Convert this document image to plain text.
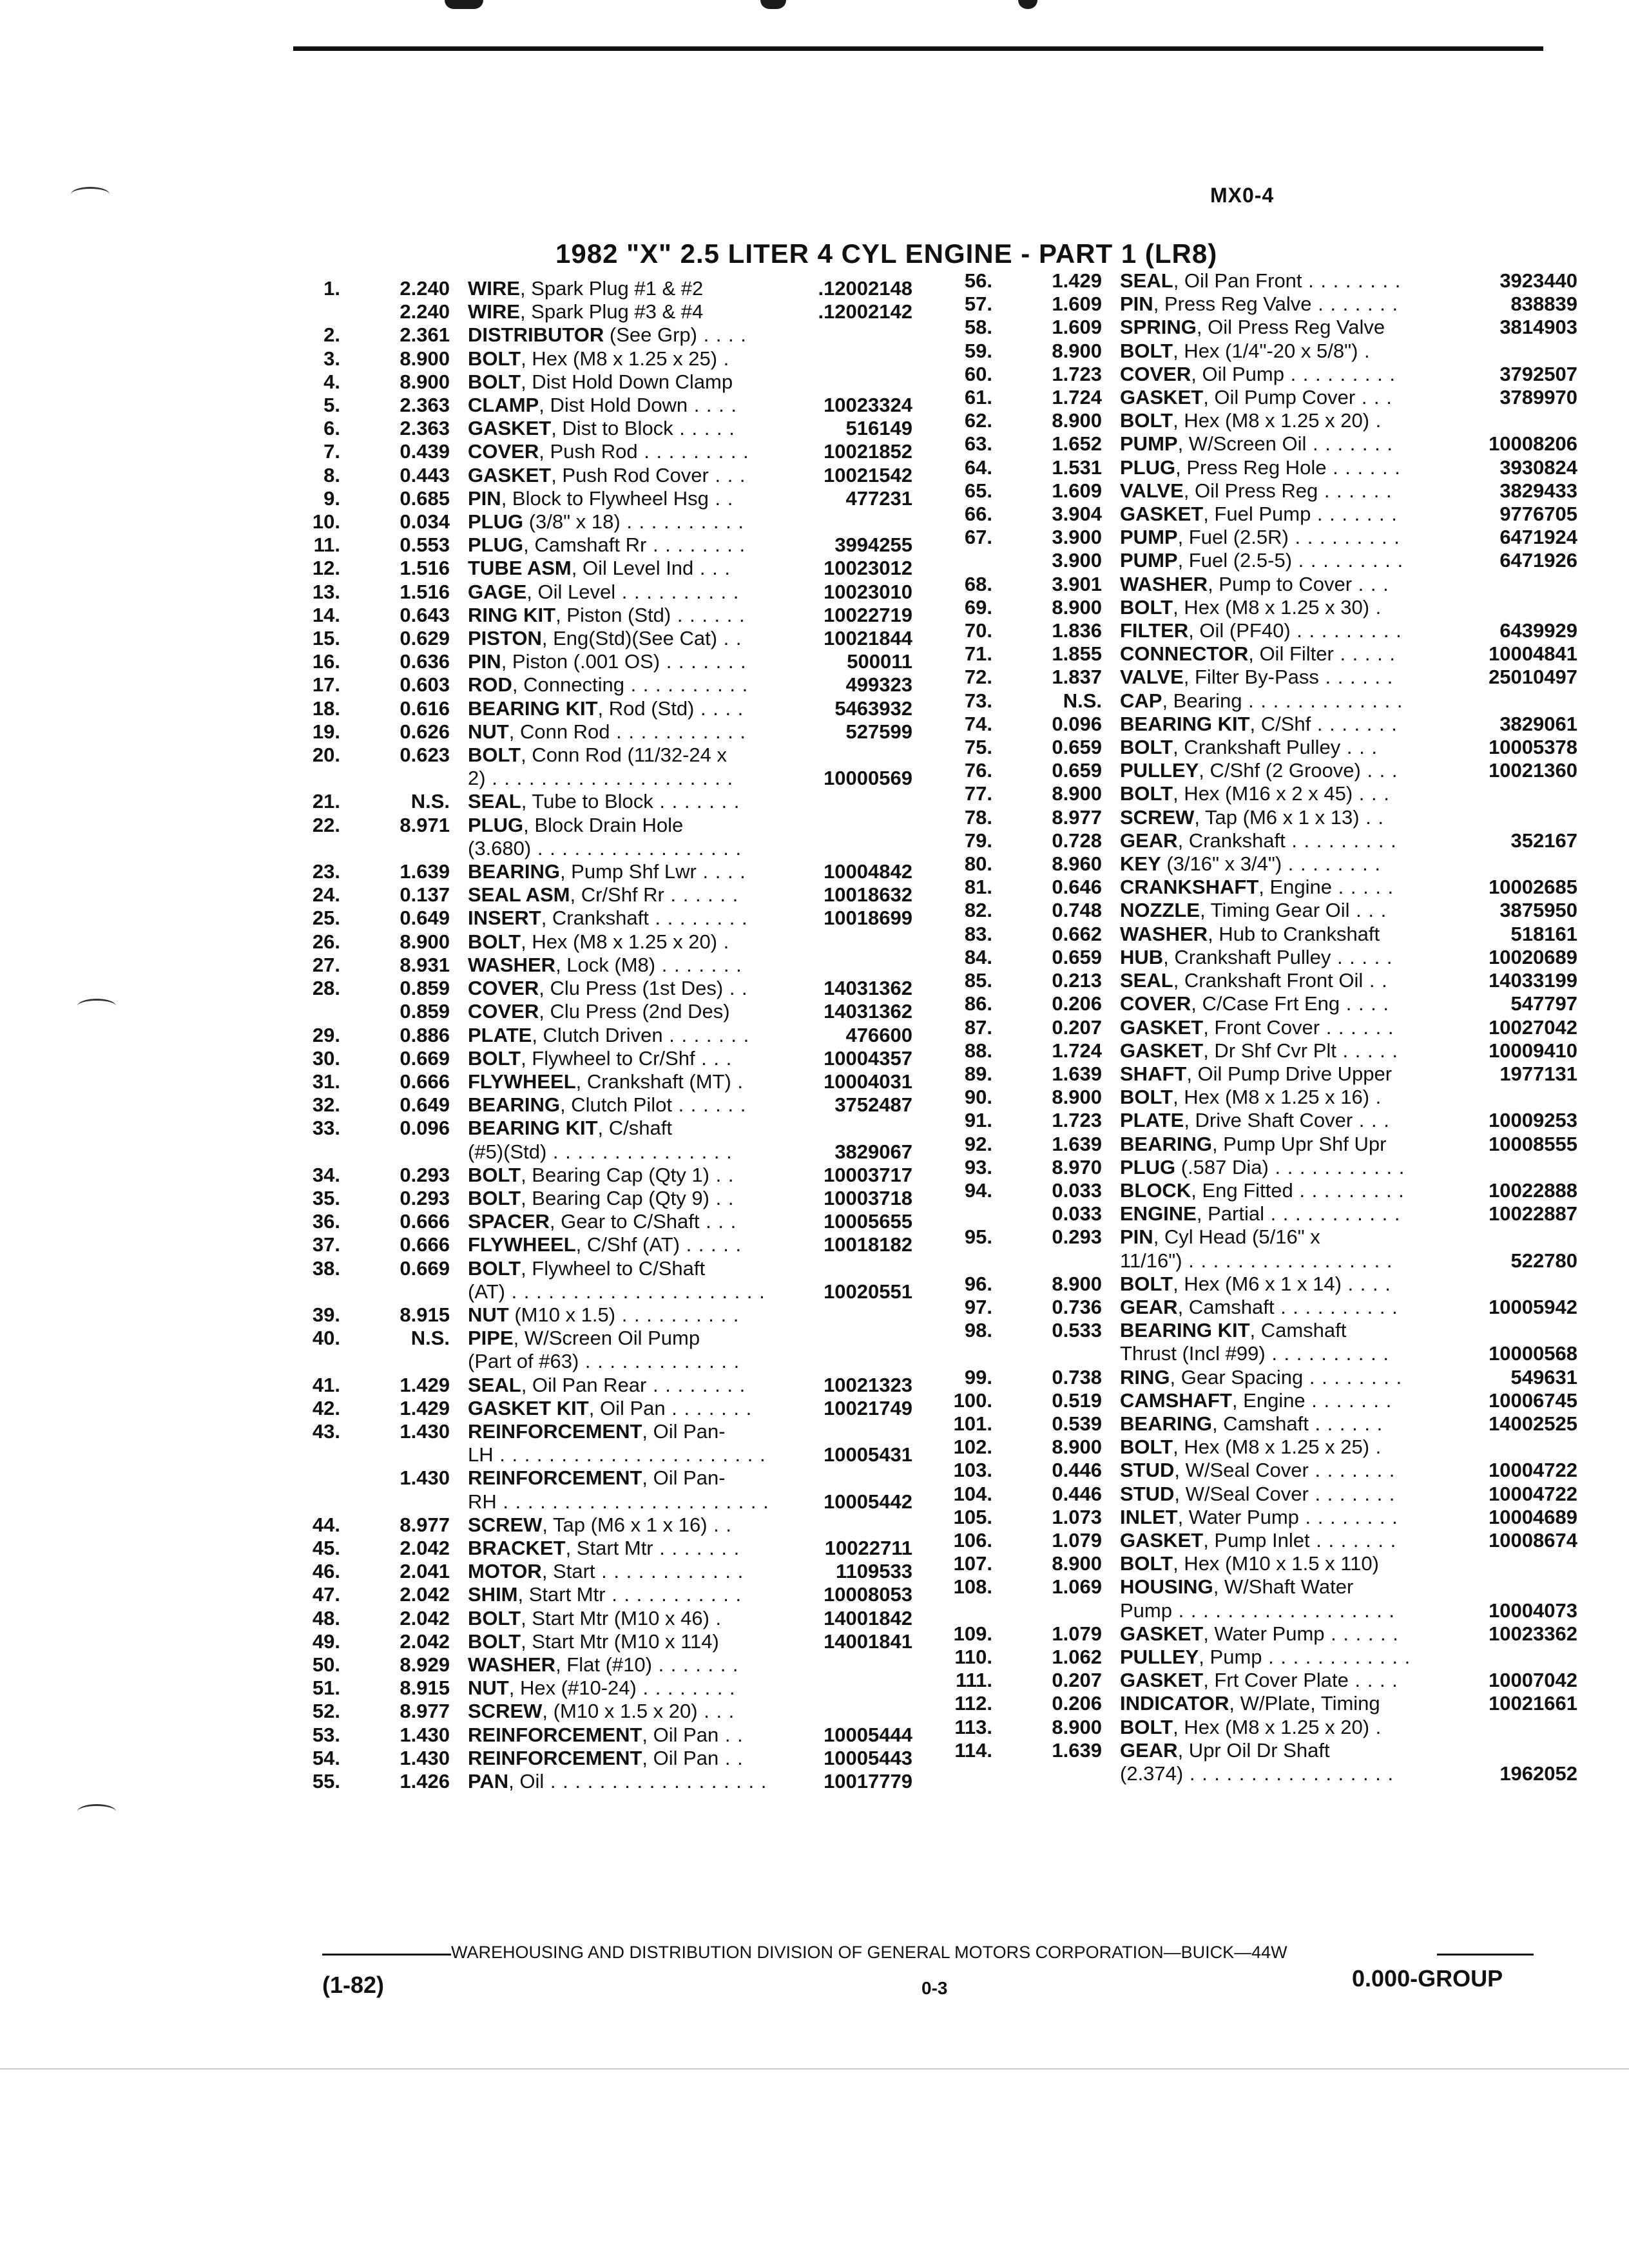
MX0-4
1982 "X" 2.5 LITER 4 CYL ENGINE - PART 1 (LR8)
1.	2.240 WIRE, Spark Plug #1 & #2	.12002148
2.240 WIRE, Spark Plug #3 & #4	.12002142
2.	2.361 DISTRIBUTOR (See Grp) . . . .
3.	8.900 BOLT, Hex (M8 x 1.25 x 25) .
4.	8.900 BOLT, Dist Hold Down Clamp
5.	2.363 CLAMP, Dist Hold Down . . . .	10023324
6.	2.363 GASKET, Dist to Block . . . . .	516149
7.	0.439 COVER, Push Rod . . . . . . . . .	10021852
8.	0.443 GASKET, Push Rod Cover . . .	10021542
9.	0.685 PIN, Block to Flywheel Hsg . .	477231
10.	0.034 PLUG (3/8" x 18) . . . . . . . . . .
11.	0.553 PLUG, Camshaft Rr . . . . . . . .	3994255
12.	1.516 TUBE ASM, Oil Level Ind . . .	10023012
13.	1.516 GAGE, Oil Level . . . . . . . . . .	10023010
14.	0.643 RING KIT, Piston (Std) . . . . . .	10022719
15.	0.629 PISTON, Eng(Std)(See Cat) . .	10021844
16.	0.636 PIN, Piston (.001 OS) . . . . . . .	500011
17.	0.603 ROD, Connecting . . . . . . . . . .	499323
18.	0.616 BEARING KIT, Rod (Std) . . . .	5463932
19.	0.626 NUT, Conn Rod . . . . . . . . . . .	527599
20.	0.623 BOLT, Conn Rod (11/32-24 x
2) . . . . . . . . . . . . . . . . . . . .	10000569
21.	N.S. SEAL, Tube to Block . . . . . . .
22.	8.971 PLUG, Block Drain Hole
(3.680) . . . . . . . . . . . . . . . . .
23.	1.639 BEARING, Pump Shf Lwr . . . .	10004842
24.	0.137 SEAL ASM, Cr/Shf Rr . . . . . .	10018632
25.	0.649 INSERT, Crankshaft . . . . . . . .	10018699
26.	8.900 BOLT, Hex (M8 x 1.25 x 20) .
27.	8.931 WASHER, Lock (M8) . . . . . . .
28.	0.859 COVER, Clu Press (1st Des) . .	14031362
0.859 COVER, Clu Press (2nd Des)	14031362
29.	0.886 PLATE, Clutch Driven . . . . . . .	476600
30.	0.669 BOLT, Flywheel to Cr/Shf . . .	10004357
31.	0.666 FLYWHEEL, Crankshaft (MT) .	10004031
32.	0.649 BEARING, Clutch Pilot . . . . . .	3752487
33.	0.096 BEARING KIT, C/shaft
(#5)(Std) . . . . . . . . . . . . . . .	3829067
34.	0.293 BOLT, Bearing Cap (Qty 1) . .	10003717
35.	0.293 BOLT, Bearing Cap (Qty 9) . .	10003718
36.	0.666 SPACER, Gear to C/Shaft . . .	10005655
37.	0.666 FLYWHEEL, C/Shf (AT) . . . . .	10018182
38.	0.669 BOLT, Flywheel to C/Shaft
(AT) . . . . . . . . . . . . . . . . . . . . .	10020551
39.	8.915 NUT (M10 x 1.5) . . . . . . . . . .
40.	N.S. PIPE, W/Screen Oil Pump
(Part of #63) . . . . . . . . . . . . .
41.	1.429 SEAL, Oil Pan Rear . . . . . . . .	10021323
42.	1.429 GASKET KIT, Oil Pan . . . . . . .	10021749
43.	1.430 REINFORCEMENT, Oil Pan-
LH . . . . . . . . . . . . . . . . . . . . . .	10005431
1.430 REINFORCEMENT, Oil Pan-
RH . . . . . . . . . . . . . . . . . . . . . .	10005442
44.	8.977 SCREW, Tap (M6 x 1 x 16) . .
45.	2.042 BRACKET, Start Mtr . . . . . . .	10022711
46.	2.041 MOTOR, Start . . . . . . . . . . . .	1109533
47.	2.042 SHIM, Start Mtr . . . . . . . . . . .	10008053
48.	2.042 BOLT, Start Mtr (M10 x 46) .	14001842
49.	2.042 BOLT, Start Mtr (M10 x 114)	14001841
50.	8.929 WASHER, Flat (#10) . . . . . . .
51.	8.915 NUT, Hex (#10-24) . . . . . . . .
52.	8.977 SCREW, (M10 x 1.5 x 20) . . .
53.	1.430 REINFORCEMENT, Oil Pan . .	10005444
54.	1.430 REINFORCEMENT, Oil Pan . .	10005443
55.	1.426 PAN, Oil . . . . . . . . . . . . . . . . . .	10017779
56.	1.429 SEAL, Oil Pan Front . . . . . . . .	3923440
57.	1.609 PIN, Press Reg Valve . . . . . . .	838839
58.	1.609 SPRING, Oil Press Reg Valve	3814903
59.	8.900 BOLT, Hex (1/4"-20 x 5/8") .
60.	1.723 COVER, Oil Pump . . . . . . . . .	3792507
61.	1.724 GASKET, Oil Pump Cover . . .	3789970
62.	8.900 BOLT, Hex (M8 x 1.25 x 20) .
63.	1.652 PUMP, W/Screen Oil . . . . . . .	10008206
64.	1.531 PLUG, Press Reg Hole . . . . . .	3930824
65.	1.609 VALVE, Oil Press Reg . . . . . .	3829433
66.	3.904 GASKET, Fuel Pump . . . . . . .	9776705
67.	3.900 PUMP, Fuel (2.5R) . . . . . . . . .	6471924
3.900 PUMP, Fuel (2.5-5) . . . . . . . . .	6471926
68.	3.901 WASHER, Pump to Cover . . .
69.	8.900 BOLT, Hex (M8 x 1.25 x 30) .
70.	1.836 FILTER, Oil (PF40) . . . . . . . . .	6439929
71.	1.855 CONNECTOR, Oil Filter . . . . .	10004841
72.	1.837 VALVE, Filter By-Pass . . . . . .	25010497
73.	N.S. CAP, Bearing . . . . . . . . . . . . .
74.	0.096 BEARING KIT, C/Shf . . . . . . .	3829061
75.	0.659 BOLT, Crankshaft Pulley . . .	10005378
76.	0.659 PULLEY, C/Shf (2 Groove) . . .	10021360
77.	8.900 BOLT, Hex (M16 x 2 x 45) . . .
78.	8.977 SCREW, Tap (M6 x 1 x 13) . .
79.	0.728 GEAR, Crankshaft . . . . . . . . .	352167
80.	8.960 KEY (3/16" x 3/4") . . . . . . . .
81.	0.646 CRANKSHAFT, Engine . . . . .	10002685
82.	0.748 NOZZLE, Timing Gear Oil . . .	3875950
83.	0.662 WASHER, Hub to Crankshaft	518161
84.	0.659 HUB, Crankshaft Pulley . . . . .	10020689
85.	0.213 SEAL, Crankshaft Front Oil . .	14033199
86.	0.206 COVER, C/Case Frt Eng . . . .	547797
87.	0.207 GASKET, Front Cover . . . . . .	10027042
88.	1.724 GASKET, Dr Shf Cvr Plt . . . . .	10009410
89.	1.639 SHAFT, Oil Pump Drive Upper	1977131
90.	8.900 BOLT, Hex (M8 x 1.25 x 16) .
91.	1.723 PLATE, Drive Shaft Cover . . .	10009253
92.	1.639 BEARING, Pump Upr Shf Upr	10008555
93.	8.970 PLUG (.587 Dia) . . . . . . . . . . .
94.	0.033 BLOCK, Eng Fitted . . . . . . . . .	10022888
0.033 ENGINE, Partial . . . . . . . . . . .	10022887
95.	0.293 PIN, Cyl Head (5/16" x
11/16") . . . . . . . . . . . . . . . . .	522780
96.	8.900 BOLT, Hex (M6 x 1 x 14) . . . .
97.	0.736 GEAR, Camshaft . . . . . . . . . .	10005942
98.	0.533 BEARING KIT, Camshaft
Thrust (Incl #99) . . . . . . . . . .	10000568
99.	0.738 RING, Gear Spacing . . . . . . . .	549631
100.	0.519 CAMSHAFT, Engine . . . . . . .	10006745
101.	0.539 BEARING, Camshaft . . . . . .	14002525
102.	8.900 BOLT, Hex (M8 x 1.25 x 25) .
103.	0.446 STUD, W/Seal Cover . . . . . . .	10004722
104.	0.446 STUD, W/Seal Cover . . . . . . .	10004722
105.	1.073 INLET, Water Pump . . . . . . . .	10004689
106.	1.079 GASKET, Pump Inlet . . . . . . .	10008674
107.	8.900 BOLT, Hex (M10 x 1.5 x 110)
108.	1.069 HOUSING, W/Shaft Water
Pump . . . . . . . . . . . . . . . . . .	10004073
109.	1.079 GASKET, Water Pump . . . . . .	10023362
110.	1.062 PULLEY, Pump . . . . . . . . . . . .
111.	0.207 GASKET, Frt Cover Plate . . . .	10007042
112.	0.206 INDICATOR, W/Plate, Timing	10021661
113.	8.900 BOLT, Hex (M8 x 1.25 x 20) .
114.	1.639 GEAR, Upr Oil Dr Shaft
(2.374) . . . . . . . . . . . . . . . . .	1962052
WAREHOUSING AND DISTRIBUTION DIVISION OF GENERAL MOTORS CORPORATION—BUICK—44W
(1-82)	0-3	0.000-GROUP
